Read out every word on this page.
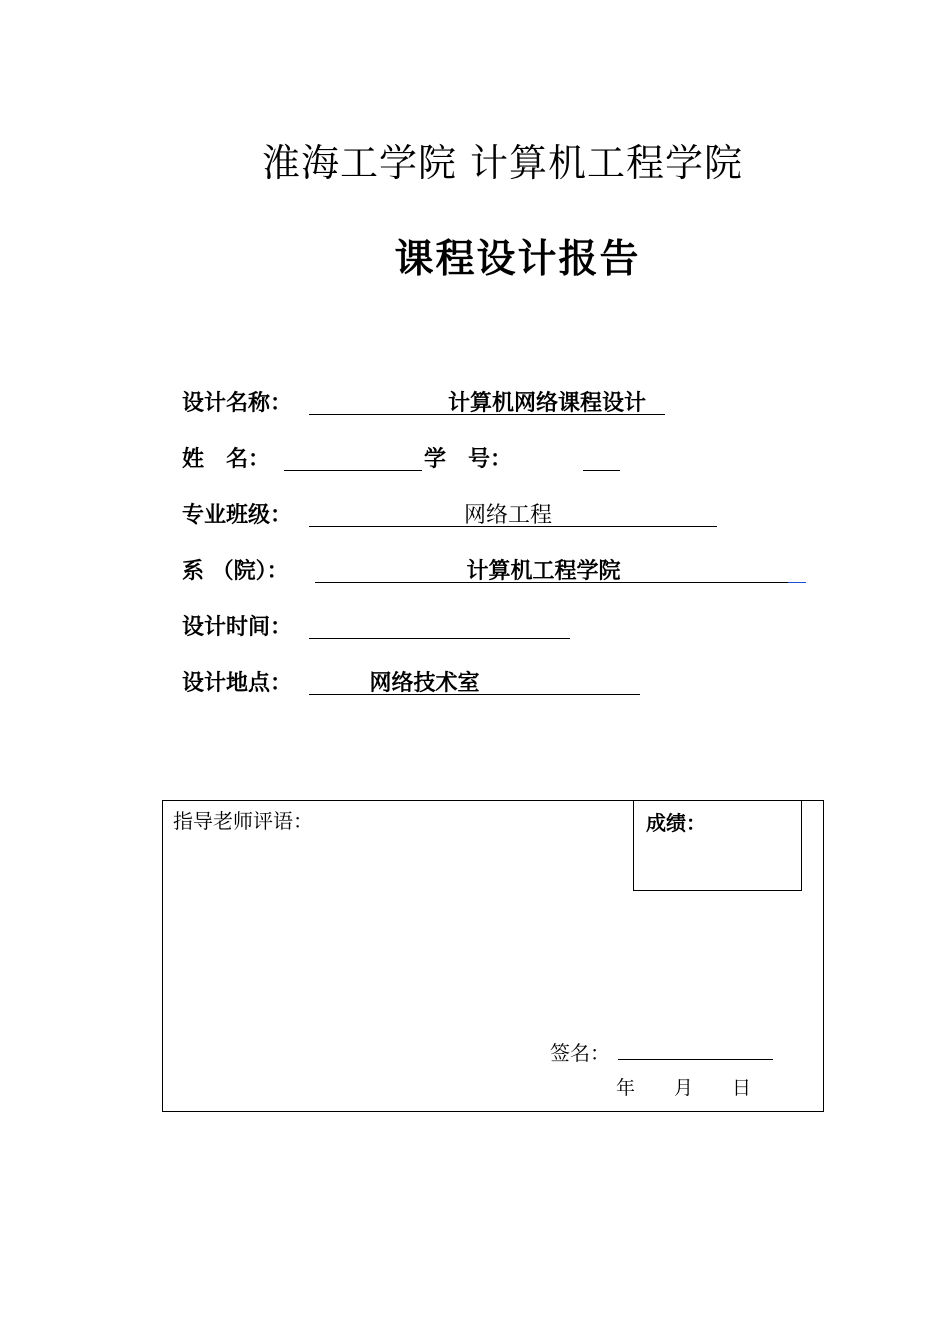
淮海工学院 计算机工程学院
课程设计报告
设计名称：	计算机网络课程设计
姓　名：	学　号：
专业班级：	网络工程
系 （院）：	计算机工程学院
设计时间：
设计地点：	网络技术室
指导老师评语：	成绩：
签名：
年 月 日
